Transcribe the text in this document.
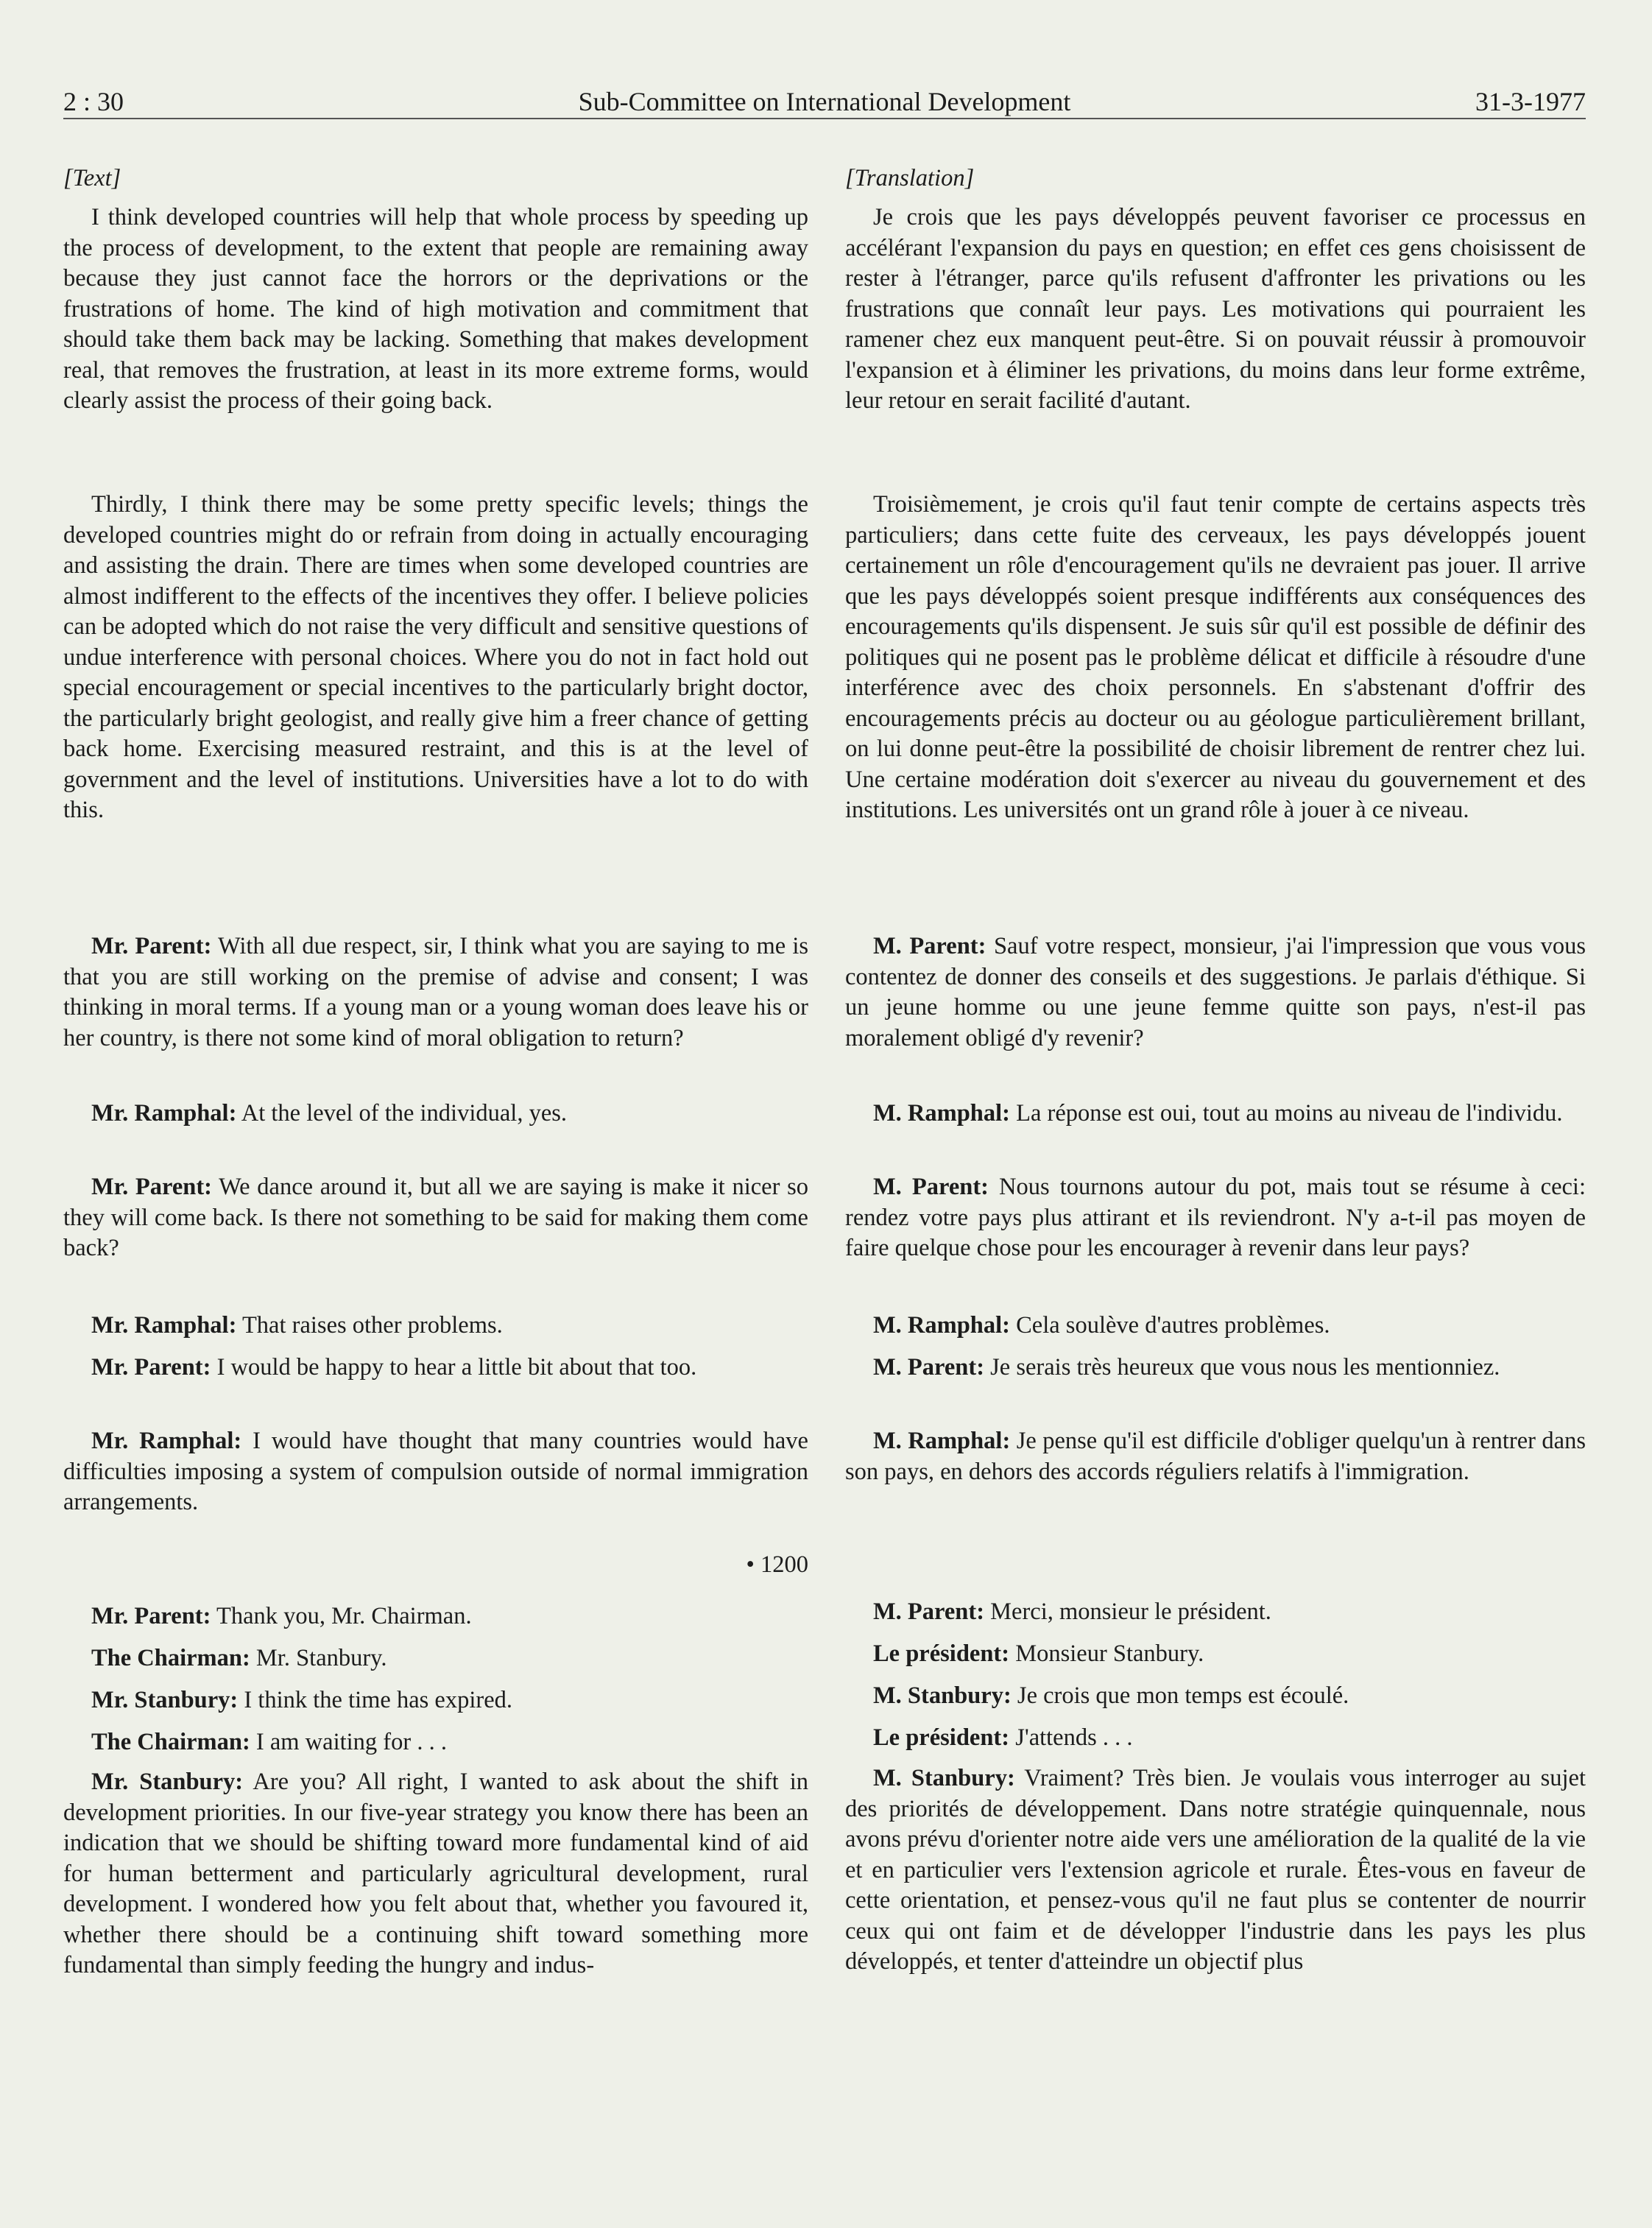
2 : 30	Sub-Committee on International Development	31-3-1977

[Text]

I think developed countries will help that whole process by speeding up the process of development, to the extent that people are remaining away because they just cannot face the horrors or the deprivations or the frustrations of home. The kind of high motivation and commitment that should take them back may be lacking. Something that makes development real, that removes the frustration, at least in its more extreme forms, would clearly assist the process of their going back.

Thirdly, I think there may be some pretty specific levels; things the developed countries might do or refrain from doing in actually encouraging and assisting the drain. There are times when some developed countries are almost indifferent to the effects of the incentives they offer. I believe policies can be adopted which do not raise the very difficult and sensitive questions of undue interference with personal choices. Where you do not in fact hold out special encouragement or special incentives to the particularly bright doctor, the particularly bright geologist, and really give him a freer chance of getting back home. Exercising measured restraint, and this is at the level of government and the level of institutions. Universities have a lot to do with this.

Mr. Parent: With all due respect, sir, I think what you are saying to me is that you are still working on the premise of advise and consent; I was thinking in moral terms. If a young man or a young woman does leave his or her country, is there not some kind of moral obligation to return?

Mr. Ramphal: At the level of the individual, yes.

Mr. Parent: We dance around it, but all we are saying is make it nicer so they will come back. Is there not something to be said for making them come back?

Mr. Ramphal: That raises other problems.

Mr. Parent: I would be happy to hear a little bit about that too.

Mr. Ramphal: I would have thought that many countries would have difficulties imposing a system of compulsion outside of normal immigration arrangements.

• 1200

Mr. Parent: Thank you, Mr. Chairman.

The Chairman: Mr. Stanbury.

Mr. Stanbury: I think the time has expired.

The Chairman: I am waiting for . . .

Mr. Stanbury: Are you? All right, I wanted to ask about the shift in development priorities. In our five-year strategy you know there has been an indication that we should be shifting toward more fundamental kind of aid for human betterment and particularly agricultural development, rural development. I wondered how you felt about that, whether you favoured it, whether there should be a continuing shift toward something more fundamental than simply feeding the hungry and indus-

[Translation]

Je crois que les pays développés peuvent favoriser ce processus en accélérant l'expansion du pays en question; en effet ces gens choisissent de rester à l'étranger, parce qu'ils refusent d'affronter les privations ou les frustrations que connaît leur pays. Les motivations qui pourraient les ramener chez eux manquent peut-être. Si on pouvait réussir à promouvoir l'expansion et à éliminer les privations, du moins dans leur forme extrême, leur retour en serait facilité d'autant.

Troisièmement, je crois qu'il faut tenir compte de certains aspects très particuliers; dans cette fuite des cerveaux, les pays développés jouent certainement un rôle d'encouragement qu'ils ne devraient pas jouer. Il arrive que les pays développés soient presque indifférents aux conséquences des encouragements qu'ils dispensent. Je suis sûr qu'il est possible de définir des politiques qui ne posent pas le problème délicat et difficile à résoudre d'une interférence avec des choix personnels. En s'abstenant d'offrir des encouragements précis au docteur ou au géologue particulièrement brillant, on lui donne peut-être la possibilité de choisir librement de rentrer chez lui. Une certaine modération doit s'exercer au niveau du gouvernement et des institutions. Les universités ont un grand rôle à jouer à ce niveau.

M. Parent: Sauf votre respect, monsieur, j'ai l'impression que vous vous contentez de donner des conseils et des suggestions. Je parlais d'éthique. Si un jeune homme ou une jeune femme quitte son pays, n'est-il pas moralement obligé d'y revenir?

M. Ramphal: La réponse est oui, tout au moins au niveau de l'individu.

M. Parent: Nous tournons autour du pot, mais tout se résume à ceci: rendez votre pays plus attirant et ils reviendront. N'y a-t-il pas moyen de faire quelque chose pour les encourager à revenir dans leur pays?

M. Ramphal: Cela soulève d'autres problèmes.

M. Parent: Je serais très heureux que vous nous les mentionniez.

M. Ramphal: Je pense qu'il est difficile d'obliger quelqu'un à rentrer dans son pays, en dehors des accords réguliers relatifs à l'immigration.

M. Parent: Merci, monsieur le président.

Le président: Monsieur Stanbury.

M. Stanbury: Je crois que mon temps est écoulé.

Le président: J'attends . . .

M. Stanbury: Vraiment? Très bien. Je voulais vous interroger au sujet des priorités de développement. Dans notre stratégie quinquennale, nous avons prévu d'orienter notre aide vers une amélioration de la qualité de la vie et en particulier vers l'extension agricole et rurale. Êtes-vous en faveur de cette orientation, et pensez-vous qu'il ne faut plus se contenter de nourrir ceux qui ont faim et de développer l'industrie dans les pays les plus développés, et tenter d'atteindre un objectif plus
